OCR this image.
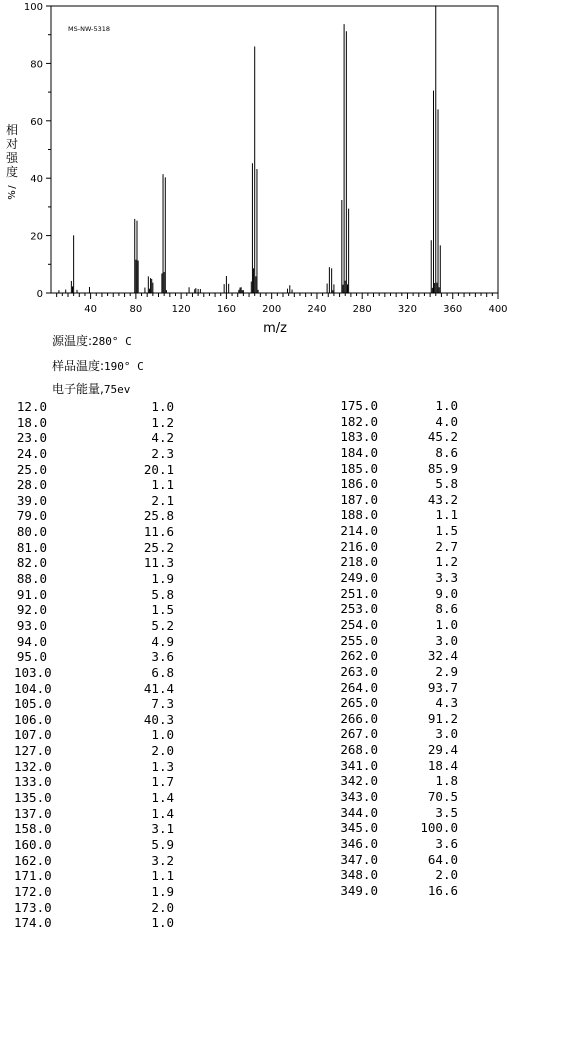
0
20
40
60
80
100
40	80	120	160	200	240	280	320	360	400
MS-NW-5318
m/z
相
对
强
度
/
%
源温度:280° C
样品温度:190° C
电子能量,75ev
12.0	1.0
18.0	1.2
23.0	4.2
24.0	2.3
25.0	20.1
28.0	1.1
39.0	2.1
79.0	25.8
80.0	11.6
81.0	25.2
82.0	11.3
88.0	1.9
91.0	5.8
92.0	1.5
93.0	5.2
94.0	4.9
95.0	3.6
103.0	6.8
104.0	41.4
105.0	7.3
106.0	40.3
107.0	1.0
127.0	2.0
132.0	1.3
133.0	1.7
135.0	1.4
137.0	1.4
158.0	3.1
160.0	5.9
162.0	3.2
171.0	1.1
172.0	1.9
173.0	2.0
174.0	1.0
175.0	1.0
182.0	4.0
183.0	45.2
184.0	8.6
185.0	85.9
186.0	5.8
187.0	43.2
188.0	1.1
214.0	1.5
216.0	2.7
218.0	1.2
249.0	3.3
251.0	9.0
253.0	8.6
254.0	1.0
255.0	3.0
262.0	32.4
263.0	2.9
264.0	93.7
265.0	4.3
266.0	91.2
267.0	3.0
268.0	29.4
341.0	18.4
342.0	1.8
343.0	70.5
344.0	3.5
345.0	100.0
346.0	3.6
347.0	64.0
348.0	2.0
349.0	16.6
